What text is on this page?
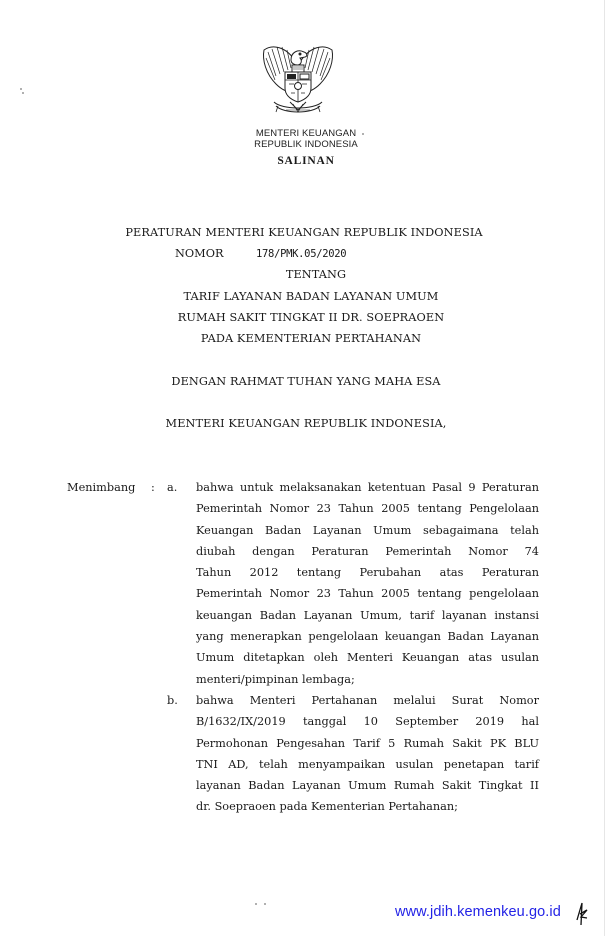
MENTERI KEUANGAN
REPUBLIK INDONESIA
SALINAN
PERATURAN MENTERI KEUANGAN REPUBLIK INDONESIA
NOMOR	178/PMK.05/2020
TENTANG
TARIF LAYANAN BADAN LAYANAN UMUM
RUMAH SAKIT TINGKAT II DR. SOEPRAOEN
PADA KEMENTERIAN PERTAHANAN
DENGAN RAHMAT TUHAN YANG MAHA ESA
MENTERI KEUANGAN REPUBLIK INDONESIA,
Menimbang : a. bahwa untuk melaksanakan ketentuan Pasal 9 Peraturan
Pemerintah Nomor 23 Tahun 2005 tentang Pengelolaan
Keuangan Badan Layanan Umum sebagaimana telah
diubah dengan Peraturan Pemerintah Nomor 74
Tahun 2012 tentang Perubahan atas Peraturan
Pemerintah Nomor 23 Tahun 2005 tentang pengelolaan
keuangan Badan Layanan Umum, tarif layanan instansi
yang menerapkan pengelolaan keuangan Badan Layanan
Umum ditetapkan oleh Menteri Keuangan atas usulan
menteri/pimpinan lembaga;
b. bahwa Menteri Pertahanan melalui Surat Nomor
B/1632/IX/2019 tanggal 10 September 2019 hal
Permohonan Pengesahan Tarif 5 Rumah Sakit PK BLU
TNI AD, telah menyampaikan usulan penetapan tarif
layanan Badan Layanan Umum Rumah Sakit Tingkat II
dr. Soepraoen pada Kementerian Pertahanan;
www.jdih.kemenkeu.go.id
